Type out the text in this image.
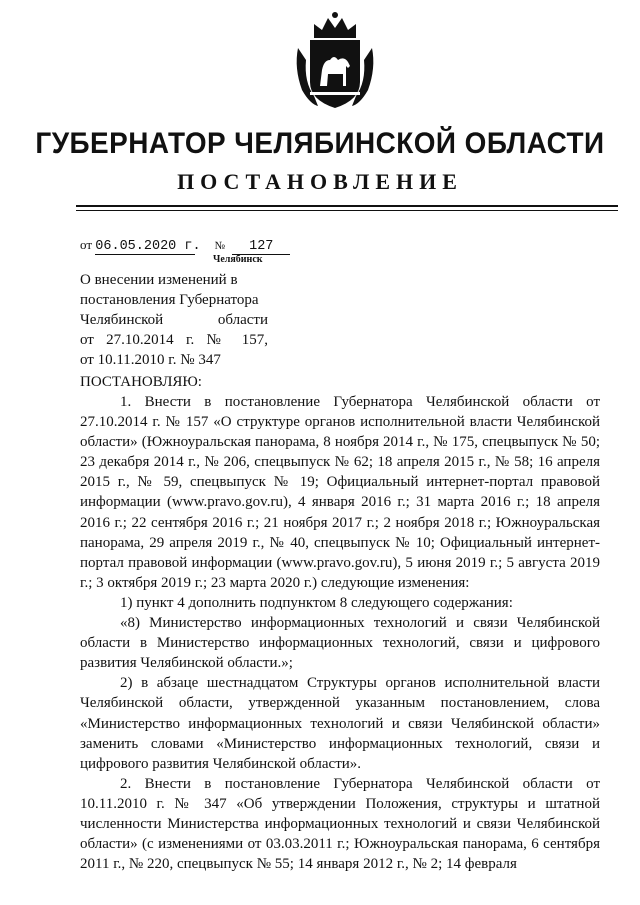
ГУБЕРНАТОР ЧЕЛЯБИНСКОЙ ОБЛАСТИ
ПОСТАНОВЛЕНИЕ
от 06.05.2020 г. № 127
Челябинск
О внесении изменений в
постановления Губернатора
Челябинской области
от 27.10.2014 г. № 157,
от 10.11.2010 г. № 347
ПОСТАНОВЛЯЮ:

1. Внести в постановление Губернатора Челябинской области от 27.10.2014 г. № 157 «О структуре органов исполнительной власти Челябинской области» (Южноуральская панорама, 8 ноября 2014 г., № 175, спецвыпуск № 50; 23 декабря 2014 г., № 206, спецвыпуск № 62; 18 апреля 2015 г., № 58; 16 апреля 2015 г., № 59, спецвыпуск № 19; Официальный интернет-портал правовой информации (www.pravo.gov.ru), 4 января 2016 г.; 31 марта 2016 г.; 18 апреля 2016 г.; 22 сентября 2016 г.; 21 ноября 2017 г.; 2 ноября 2018 г.; Южноуральская панорама, 29 апреля 2019 г., № 40, спецвыпуск № 10; Официальный интернет-портал правовой информации (www.pravo.gov.ru), 5 июня 2019 г.; 5 августа 2019 г.; 3 октября 2019 г.; 23 марта 2020 г.) следующие изменения:

1) пункт 4 дополнить подпунктом 8 следующего содержания:

«8) Министерство информационных технологий и связи Челябинской области в Министерство информационных технологий, связи и цифрового развития Челябинской области.»;

2) в абзаце шестнадцатом Структуры органов исполнительной власти Челябинской области, утвержденной указанным постановлением, слова «Министерство информационных технологий и связи Челябинской области» заменить словами «Министерство информационных технологий, связи и цифрового развития Челябинской области».

2. Внести в постановление Губернатора Челябинской области от 10.11.2010 г. № 347 «Об утверждении Положения, структуры и штатной численности Министерства информационных технологий и связи Челябинской области» (с изменениями от 03.03.2011 г.; Южноуральская панорама, 6 сентября 2011 г., № 220, спецвыпуск № 55; 14 января 2012 г., № 2; 14 февраля
